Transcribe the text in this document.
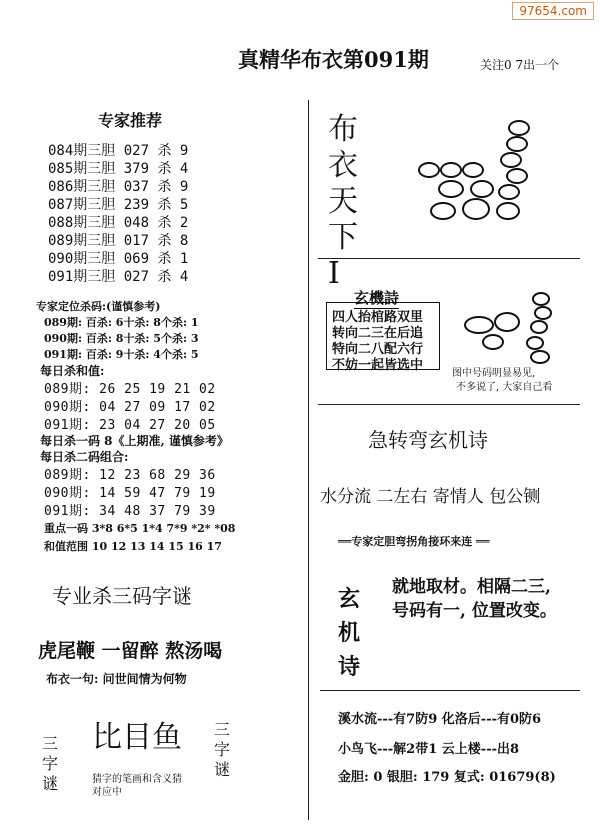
97654.com
真精华布衣第091期	关注0 7出一个
专家推荐
084期三胆 027 杀 9
085期三胆 379 杀 4
086期三胆 037 杀 9
087期三胆 239 杀 5
088期三胆 048 杀 2
089期三胆 017 杀 8
090期三胆 069 杀 1
091期三胆 027 杀 4
布衣天下I
玄機詩
四人抬棺路双里
转向二三在后追
特向二八配六行
不妨一起皆选中
图中号码明显易见,
不多说了, 大家自己看
专家定位杀码:(谨慎参考)
089期: 百杀: 6十杀: 8个杀: 1
090期: 百杀: 8十杀: 5个杀: 3
091期: 百杀: 9十杀: 4个杀: 5
每日杀和值:
089期: 26 25 19 21 02
090期: 04 27 09 17 02
091期: 23 04 27 20 05
每日杀一码 8《上期准, 谨慎参考》
每日杀二码组合:
089期: 12 23 68 29 36
090期: 14 59 47 79 19
091期: 34 48 37 79 39
重点一码 3*8 6*5 1*4 7*9 *2* *08
和值范围 10 12 13 14 15 16 17
急转弯玄机诗
水分流 二左右 寄情人 包公铡
══专家定胆弯拐角接环来连 ══
专业杀三码字谜
虎尾鞭 一留醉 熬汤喝
布衣一句: 问世间情为何物
三字谜
比目鱼
猜字的笔画和含义猜
对应中
三字谜
玄机诗
就地取材。相隔二三,
号码有一, 位置改变。
溪水流---有7防9 化洛后---有0防6
小鸟飞---解2带1 云上楼---出8
金胆: 0 银胆: 179 复式: 01679(8)
